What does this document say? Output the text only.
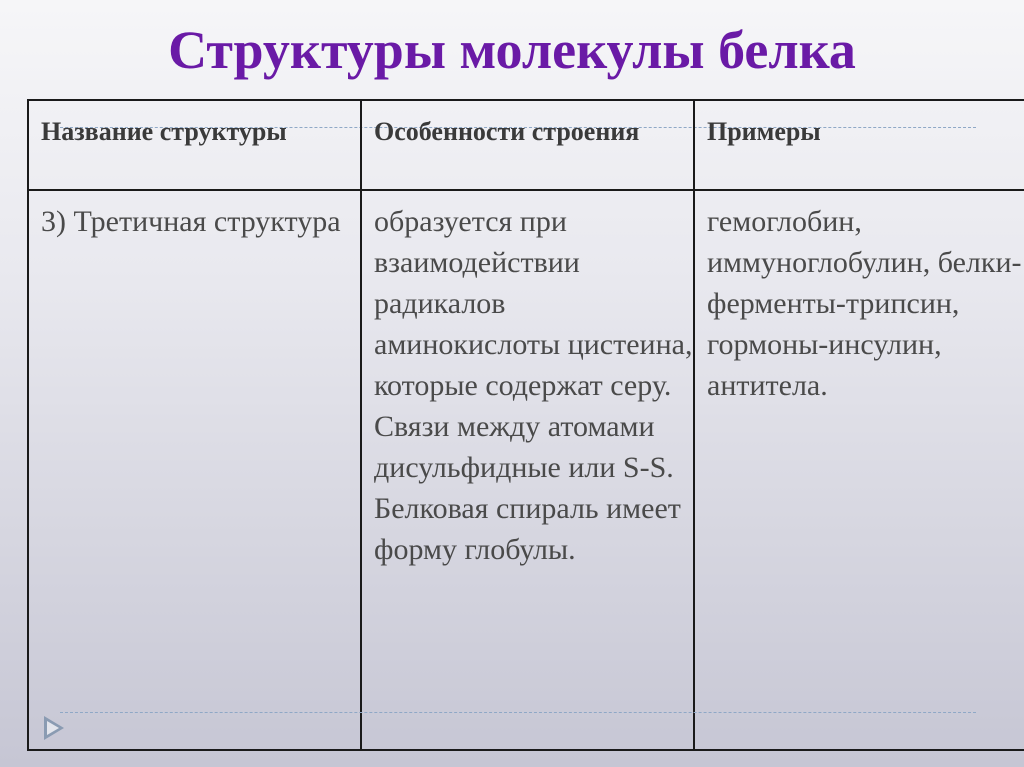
Структуры молекулы белка
Название структуры	Особенности строения	Примеры
3) Третичная структура	образуется при взаимодействии радикалов аминокислоты цистеина, которые содержат серу. Связи между атомами дисульфидные или S-S. Белковая спираль имеет форму глобулы.	гемоглобин, иммуноглобулин, белки-ферменты-трипсин, гормоны-инсулин, антитела.
